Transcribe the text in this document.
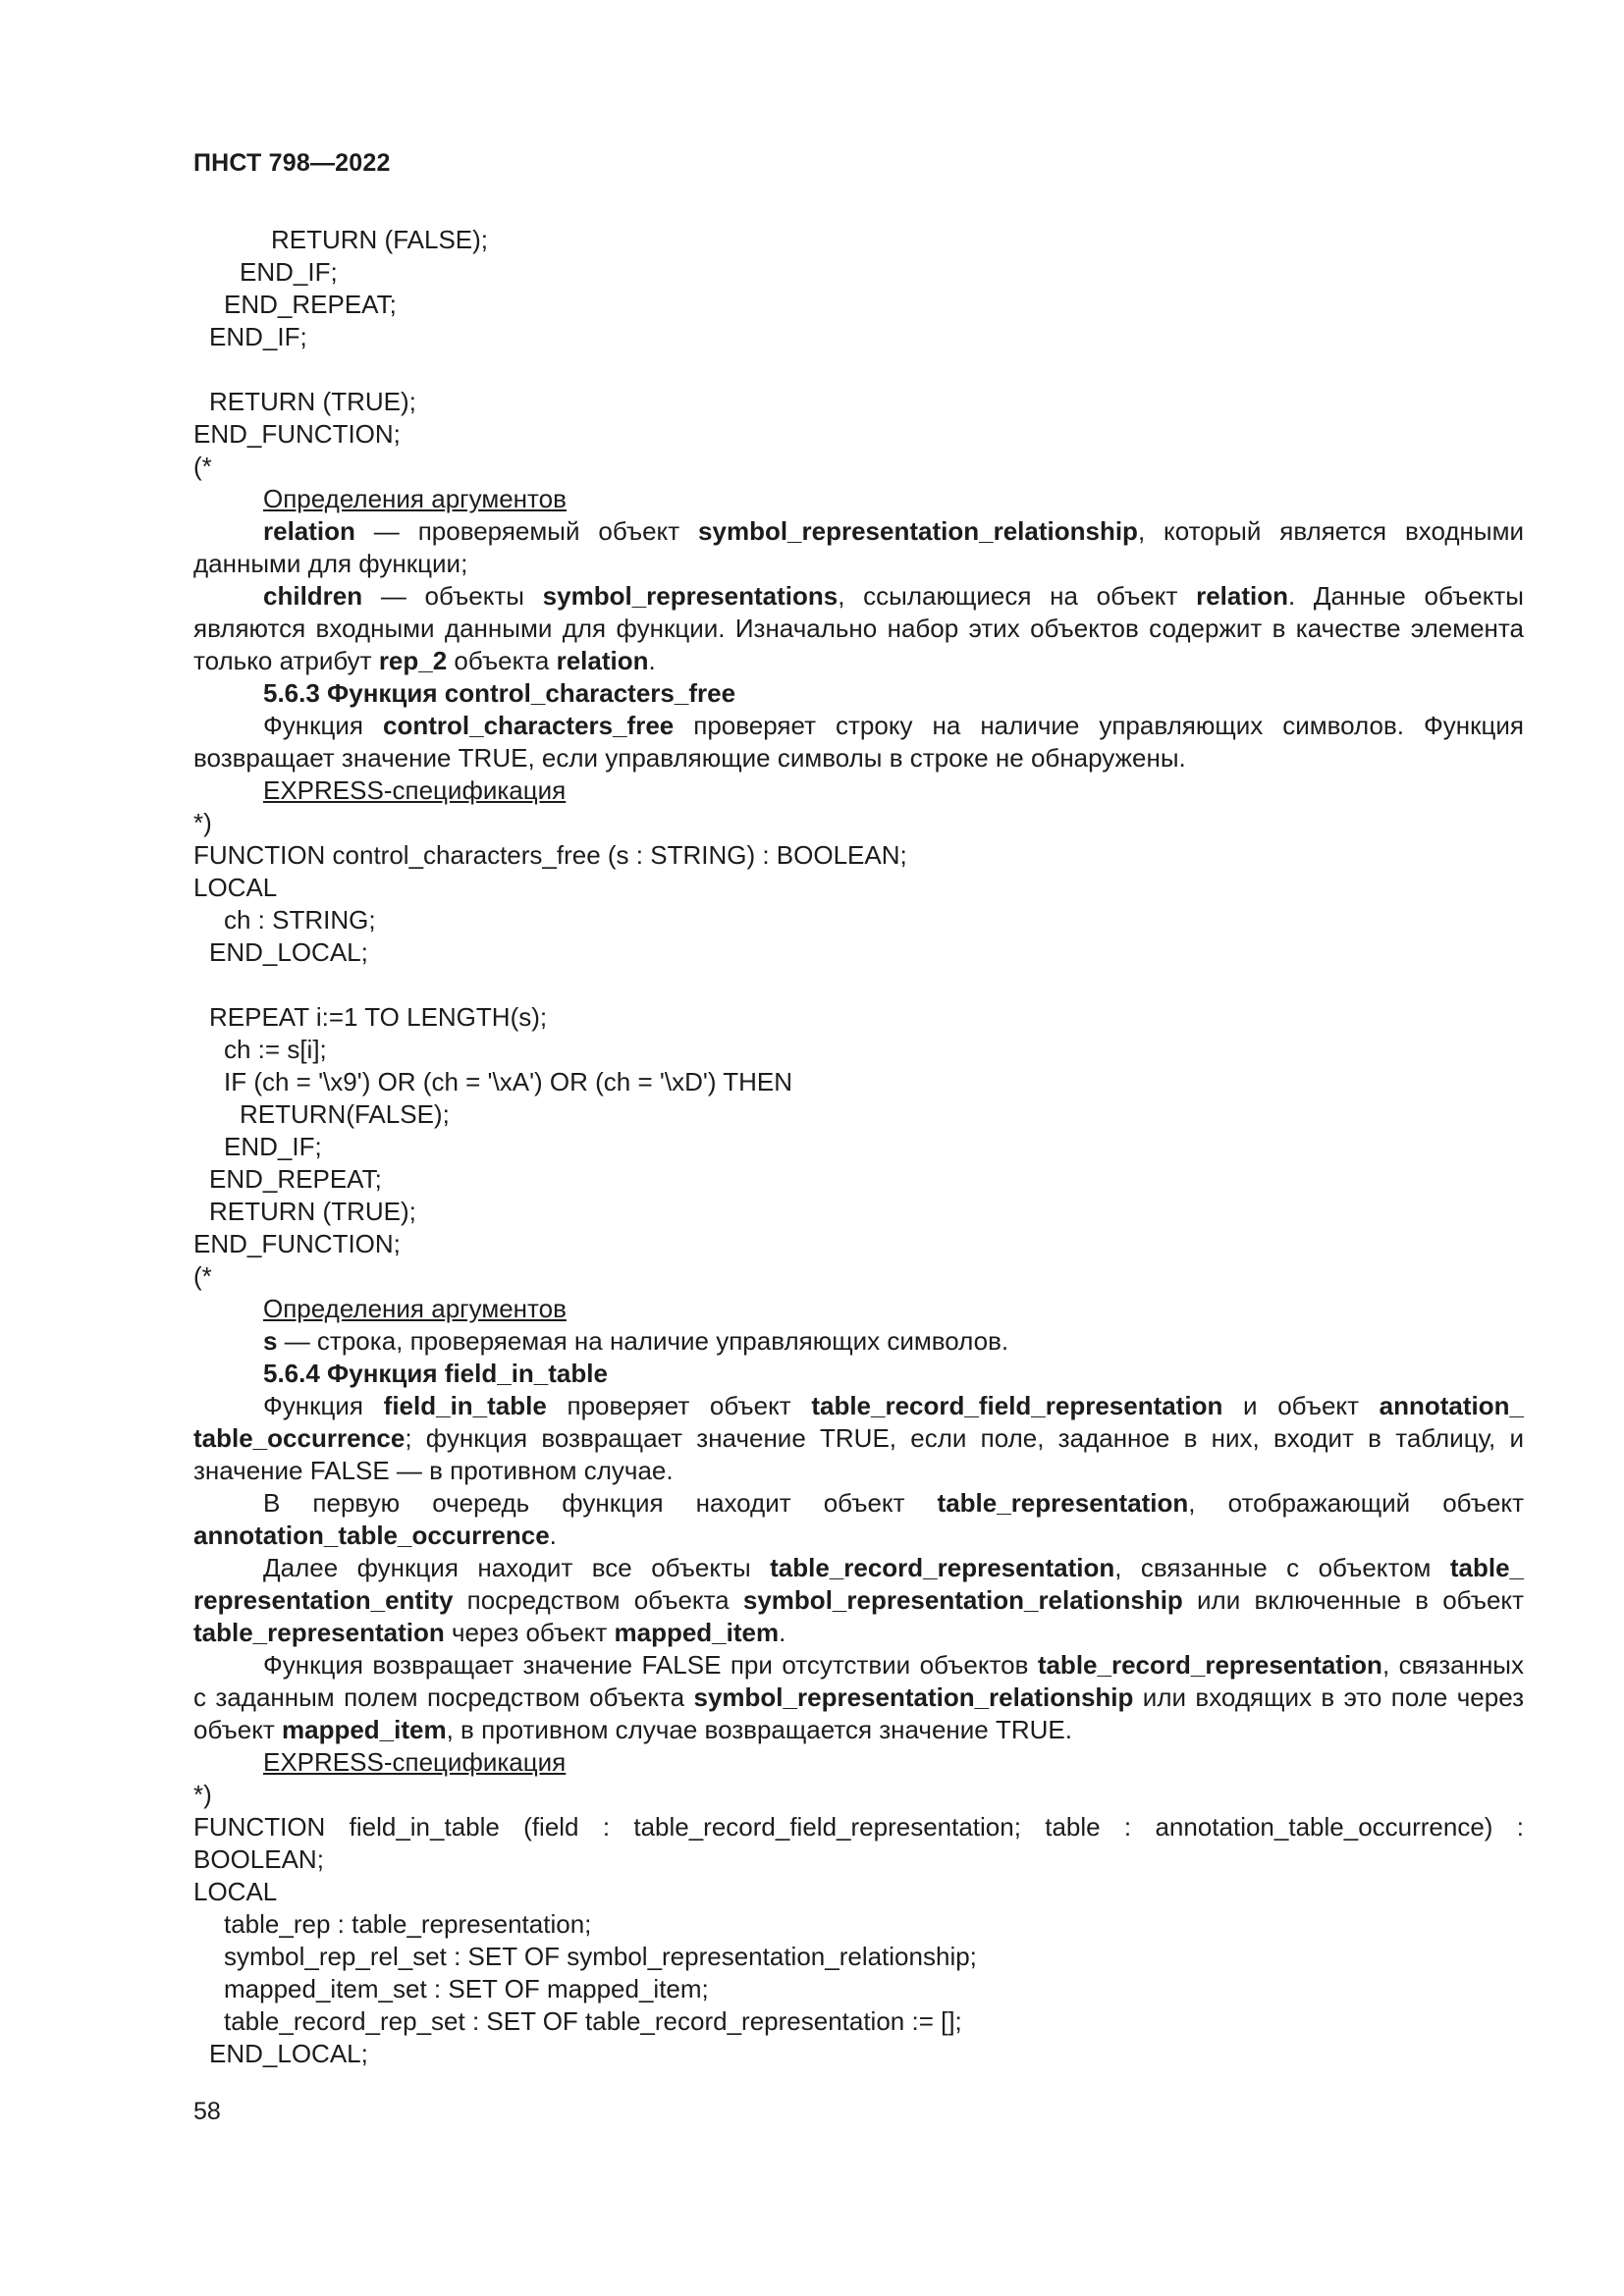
ПНСТ 798—2022
RETURN (FALSE);
END_IF;
END_REPEAT;
END_IF;
RETURN (TRUE);
END_FUNCTION;
(*
Определения аргументов
relation — проверяемый объект symbol_representation_relationship, который является входными данными для функции;
children — объекты symbol_representations, ссылающиеся на объект relation. Данные объекты являются входными данными для функции. Изначально набор этих объектов содержит в качестве элемента только атрибут rep_2 объекта relation.
5.6.3 Функция control_characters_free
Функция control_characters_free проверяет строку на наличие управляющих символов. Функция возвращает значение TRUE, если управляющие символы в строке не обнаружены.
EXPRESS-спецификация
*)
FUNCTION control_characters_free (s : STRING) : BOOLEAN;
LOCAL
ch : STRING;
END_LOCAL;
REPEAT i:=1 TO LENGTH(s);
ch := s[i];
IF (ch = '\x9') OR (ch = '\xA') OR (ch = '\xD') THEN
RETURN(FALSE);
END_IF;
END_REPEAT;
RETURN (TRUE);
END_FUNCTION;
(*
Определения аргументов
s — строка, проверяемая на наличие управляющих символов.
5.6.4 Функция field_in_table
Функция field_in_table проверяет объект table_record_field_representation и объект annotation_ table_occurrence; функция возвращает значение TRUE, если поле, заданное в них, входит в таблицу, и значение FALSE — в противном случае.
В первую очередь функция находит объект table_representation, отображающий объект annotation_table_occurrence.
Далее функция находит все объекты table_record_representation, связанные с объектом table_ representation_entity посредством объекта symbol_representation_relationship или включенные в объект table_representation через объект mapped_item.
Функция возвращает значение FALSE при отсутствии объектов table_record_representation, связанных с заданным полем посредством объекта symbol_representation_relationship или входящих в это поле через объект mapped_item, в противном случае возвращается значение TRUE.
EXPRESS-спецификация
*)
FUNCTION field_in_table (field : table_record_field_representation; table : annotation_table_occurrence) : BOOLEAN;
LOCAL
table_rep : table_representation;
symbol_rep_rel_set : SET OF symbol_representation_relationship;
mapped_item_set : SET OF mapped_item;
table_record_rep_set : SET OF table_record_representation := [];
END_LOCAL;
58
